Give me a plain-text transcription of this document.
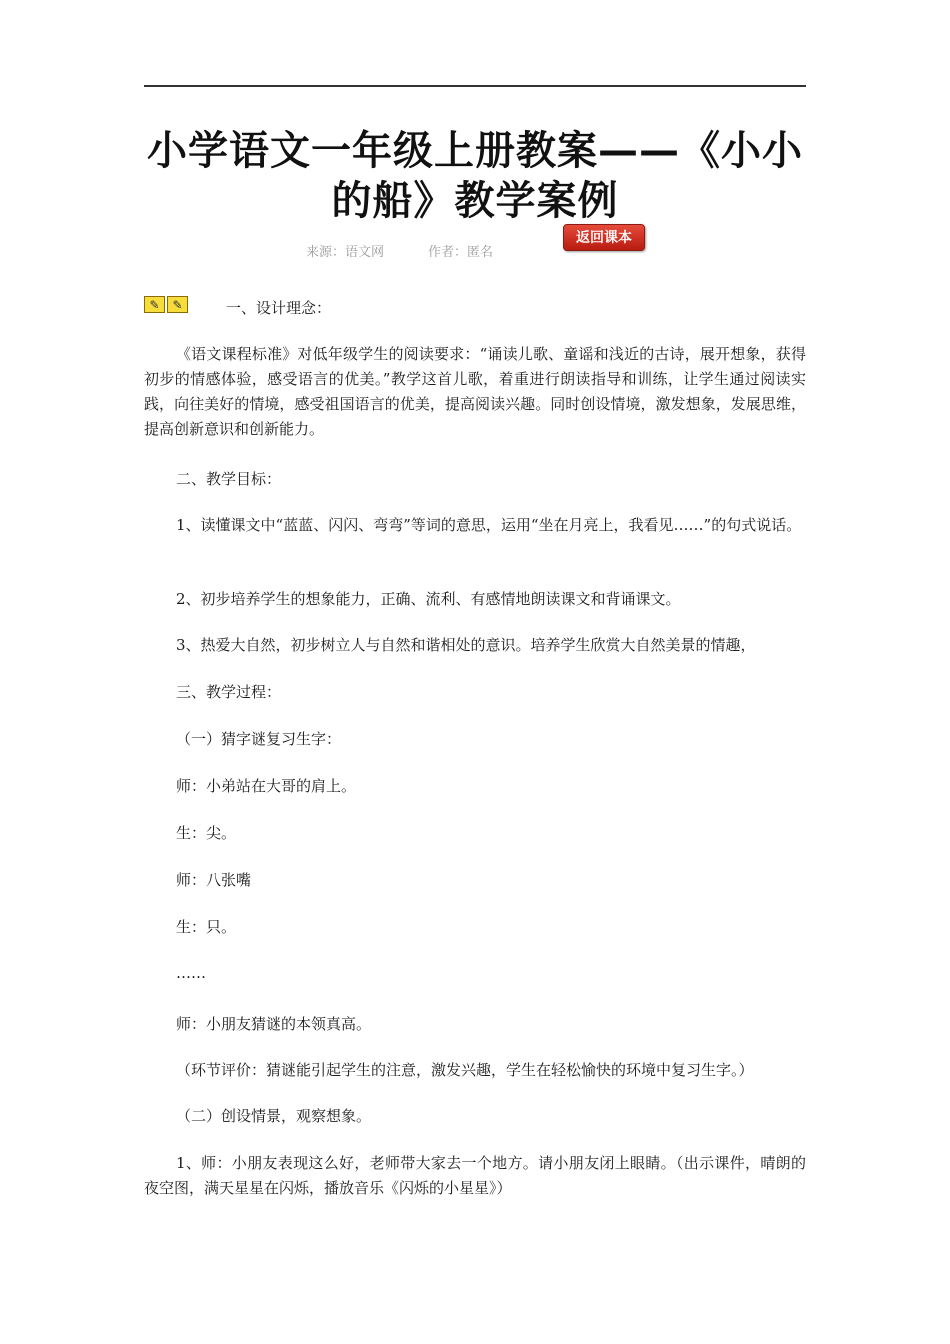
小学语文一年级上册教案——《小小的船》教学案例
来源：语文网	作者：匿名
返回课本
✎	✎	一、设计理念：

《语文课程标准》对低年级学生的阅读要求：“诵读儿歌、童谣和浅近的古诗，展开想象，获得初步的情感体验，感受语言的优美。”教学这首儿歌，着重进行朗读指导和训练，让学生通过阅读实践，向往美好的情境，感受祖国语言的优美，提高阅读兴趣。同时创设情境，激发想象，发展思维，提高创新意识和创新能力。

二、教学目标：

1、读懂课文中“蓝蓝、闪闪、弯弯”等词的意思，运用“坐在月亮上，我看见……”的句式说话。

2、初步培养学生的想象能力，正确、流利、有感情地朗读课文和背诵课文。

3、热爱大自然，初步树立人与自然和谐相处的意识。培养学生欣赏大自然美景的情趣，

三、教学过程：

（一）猜字谜复习生字：

师：小弟站在大哥的肩上。

生：尖。

师：八张嘴

生：只。

……

师：小朋友猜谜的本领真高。

（环节评价：猜谜能引起学生的注意，激发兴趣，学生在轻松愉快的环境中复习生字。）

（二）创设情景，观察想象。

1、师：小朋友表现这么好，老师带大家去一个地方。请小朋友闭上眼睛。（出示课件，晴朗的夜空图，满天星星在闪烁，播放音乐《闪烁的小星星》）
